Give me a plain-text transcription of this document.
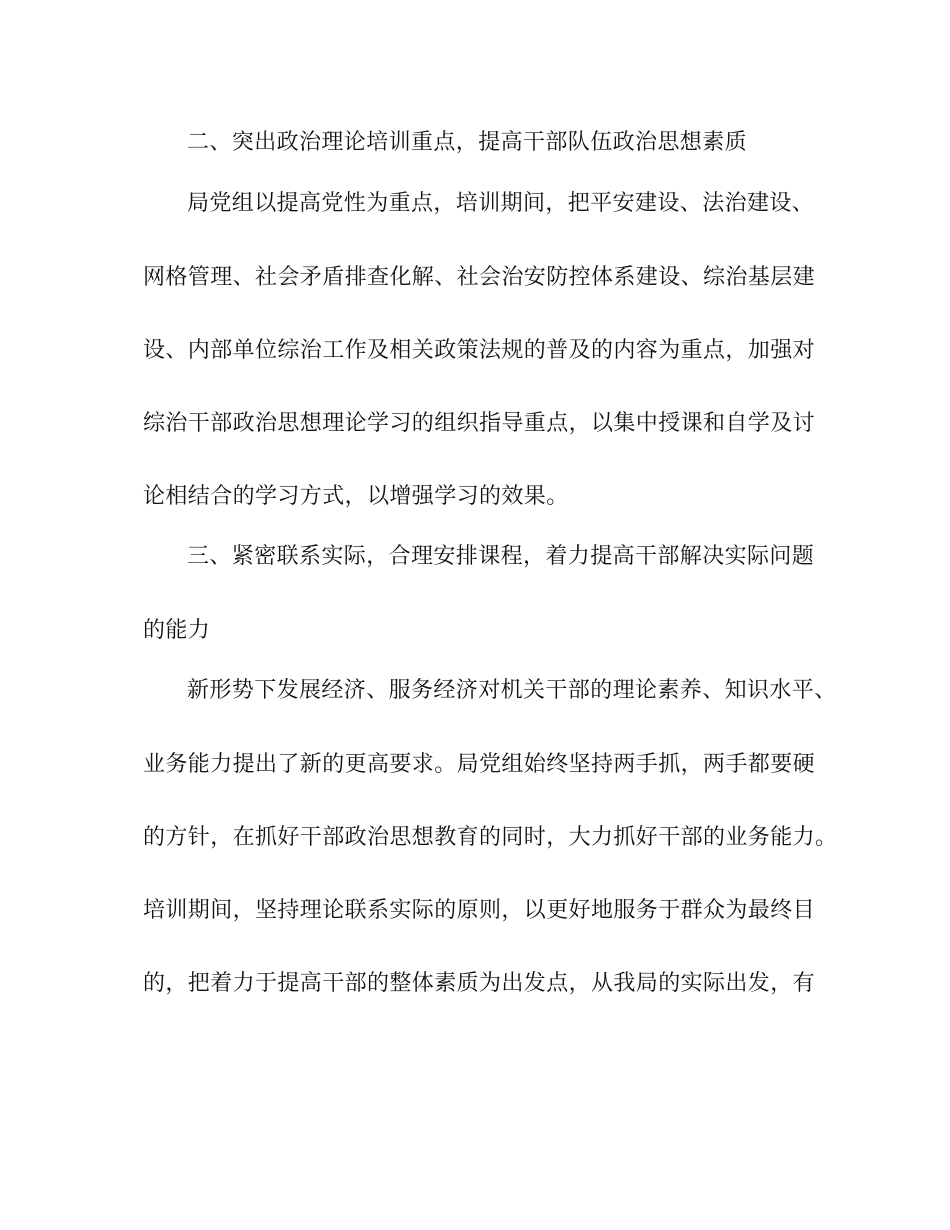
二、突出政治理论培训重点，提高干部队伍政治思想素质
局党组以提高党性为重点，培训期间，把平安建设、法治建设、
网格管理、社会矛盾排查化解、社会治安防控体系建设、综治基层建
设、内部单位综治工作及相关政策法规的普及的内容为重点，加强对
综治干部政治思想理论学习的组织指导重点，以集中授课和自学及讨
论相结合的学习方式，以增强学习的效果。
三、紧密联系实际，合理安排课程，着力提高干部解决实际问题
的能力
新形势下发展经济、服务经济对机关干部的理论素养、知识水平、
业务能力提出了新的更高要求。局党组始终坚持两手抓，两手都要硬
的方针，在抓好干部政治思想教育的同时，大力抓好干部的业务能力。
培训期间，坚持理论联系实际的原则，以更好地服务于群众为最终目
的，把着力于提高干部的整体素质为出发点，从我局的实际出发，有
